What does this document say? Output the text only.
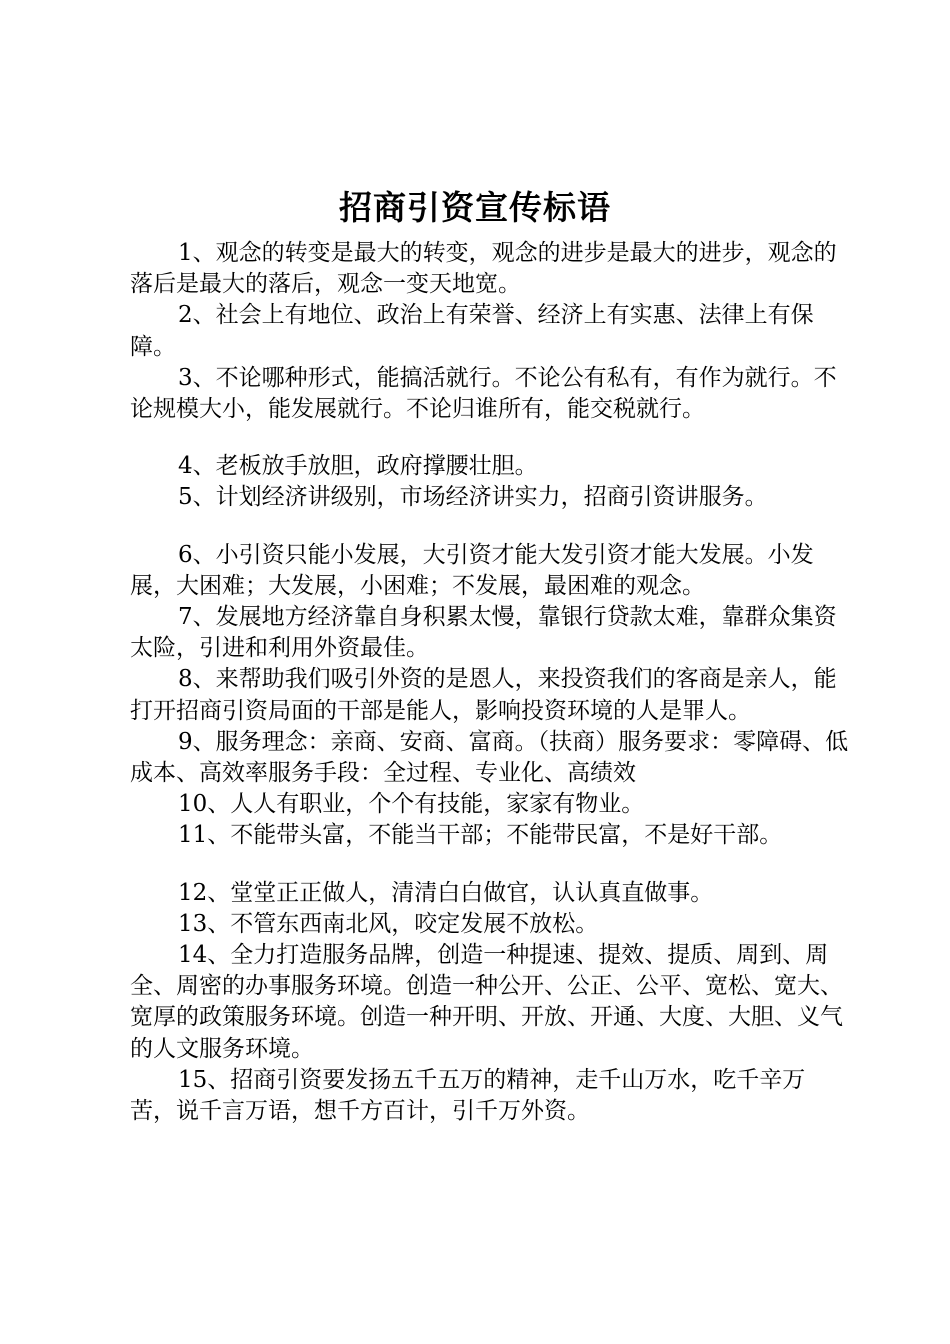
招商引资宣传标语

1、观念的转变是最大的转变，观念的进步是最大的进步，观念的落后是最大的落后，观念一变天地宽。

2、社会上有地位、政治上有荣誉、经济上有实惠、法律上有保障。

3、不论哪种形式，能搞活就行。不论公有私有，有作为就行。不论规模大小，能发展就行。不论归谁所有，能交税就行。

4、老板放手放胆，政府撑腰壮胆。

5、计划经济讲级别，市场经济讲实力，招商引资讲服务。

6、小引资只能小发展，大引资才能大发引资才能大发展。小发展，大困难；大发展，小困难；不发展，最困难的观念。

7、发展地方经济靠自身积累太慢，靠银行贷款太难，靠群众集资太险，引进和利用外资最佳。

8、来帮助我们吸引外资的是恩人，来投资我们的客商是亲人，能打开招商引资局面的干部是能人，影响投资环境的人是罪人。

9、服务理念：亲商、安商、富商。（扶商）服务要求：零障碍、低成本、高效率服务手段：全过程、专业化、高绩效

10、人人有职业，个个有技能，家家有物业。

11、不能带头富，不能当干部；不能带民富，不是好干部。

12、堂堂正正做人，清清白白做官，认认真直做事。

13、不管东西南北风，咬定发展不放松。

14、全力打造服务品牌，创造一种提速、提效、提质、周到、周全、周密的办事服务环境。创造一种公开、公正、公平、宽松、宽大、宽厚的政策服务环境。创造一种开明、开放、开通、大度、大胆、义气的人文服务环境。

15、招商引资要发扬五千五万的精神，走千山万水，吃千辛万苦，说千言万语，想千方百计，引千万外资。
